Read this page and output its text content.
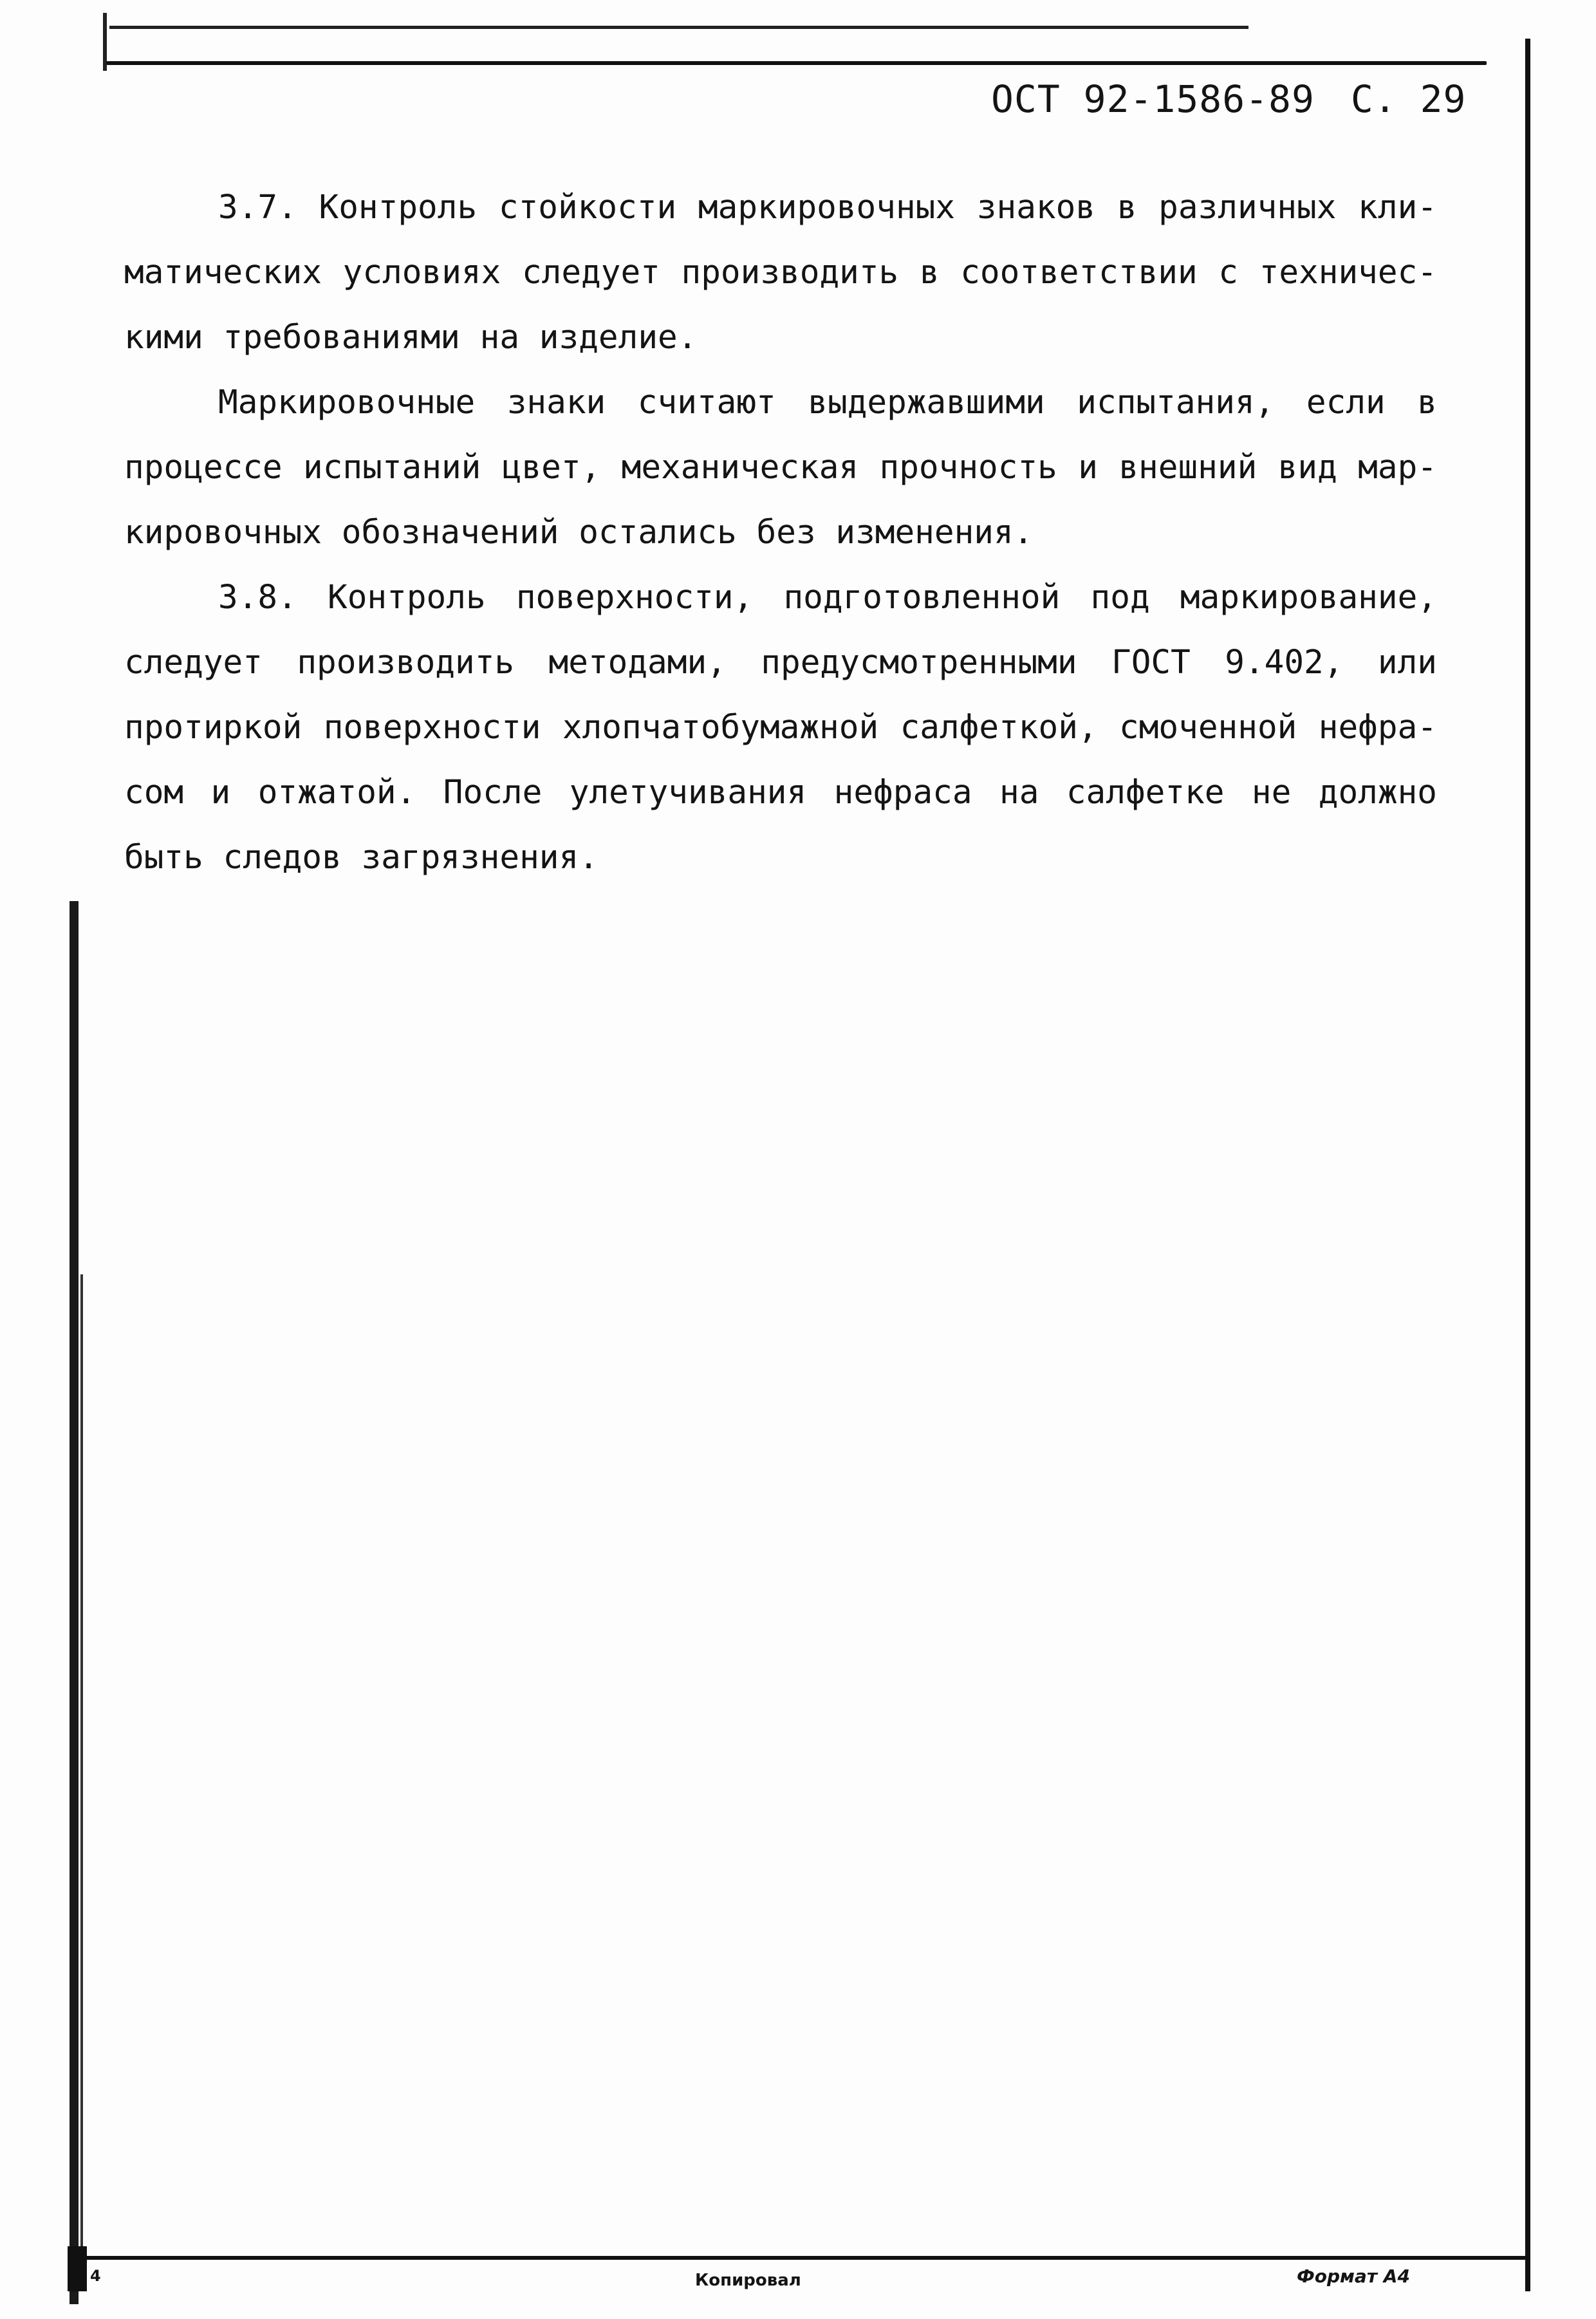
ОСТ 92-1586-89 С. 29
3.7. Контроль стойкости маркировочных знаков в различных кли-
матических условиях следует производить в соответствии с техничес-
кими требованиями на изделие.
Маркировочные знаки считают выдержавшими испытания, если в
процессе испытаний цвет, механическая прочность и внешний вид мар-
кировочных обозначений остались без изменения.
3.8. Контроль поверхности, подготовленной под маркирование,
следует производить методами, предусмотренными ГОСТ 9.402, или
протиркой поверхности хлопчатобумажной салфеткой, смоченной нефра-
сом и отжатой. После улетучивания нефраса на салфетке не должно
быть следов загрязнения.
4	Копировал	Формат А4
